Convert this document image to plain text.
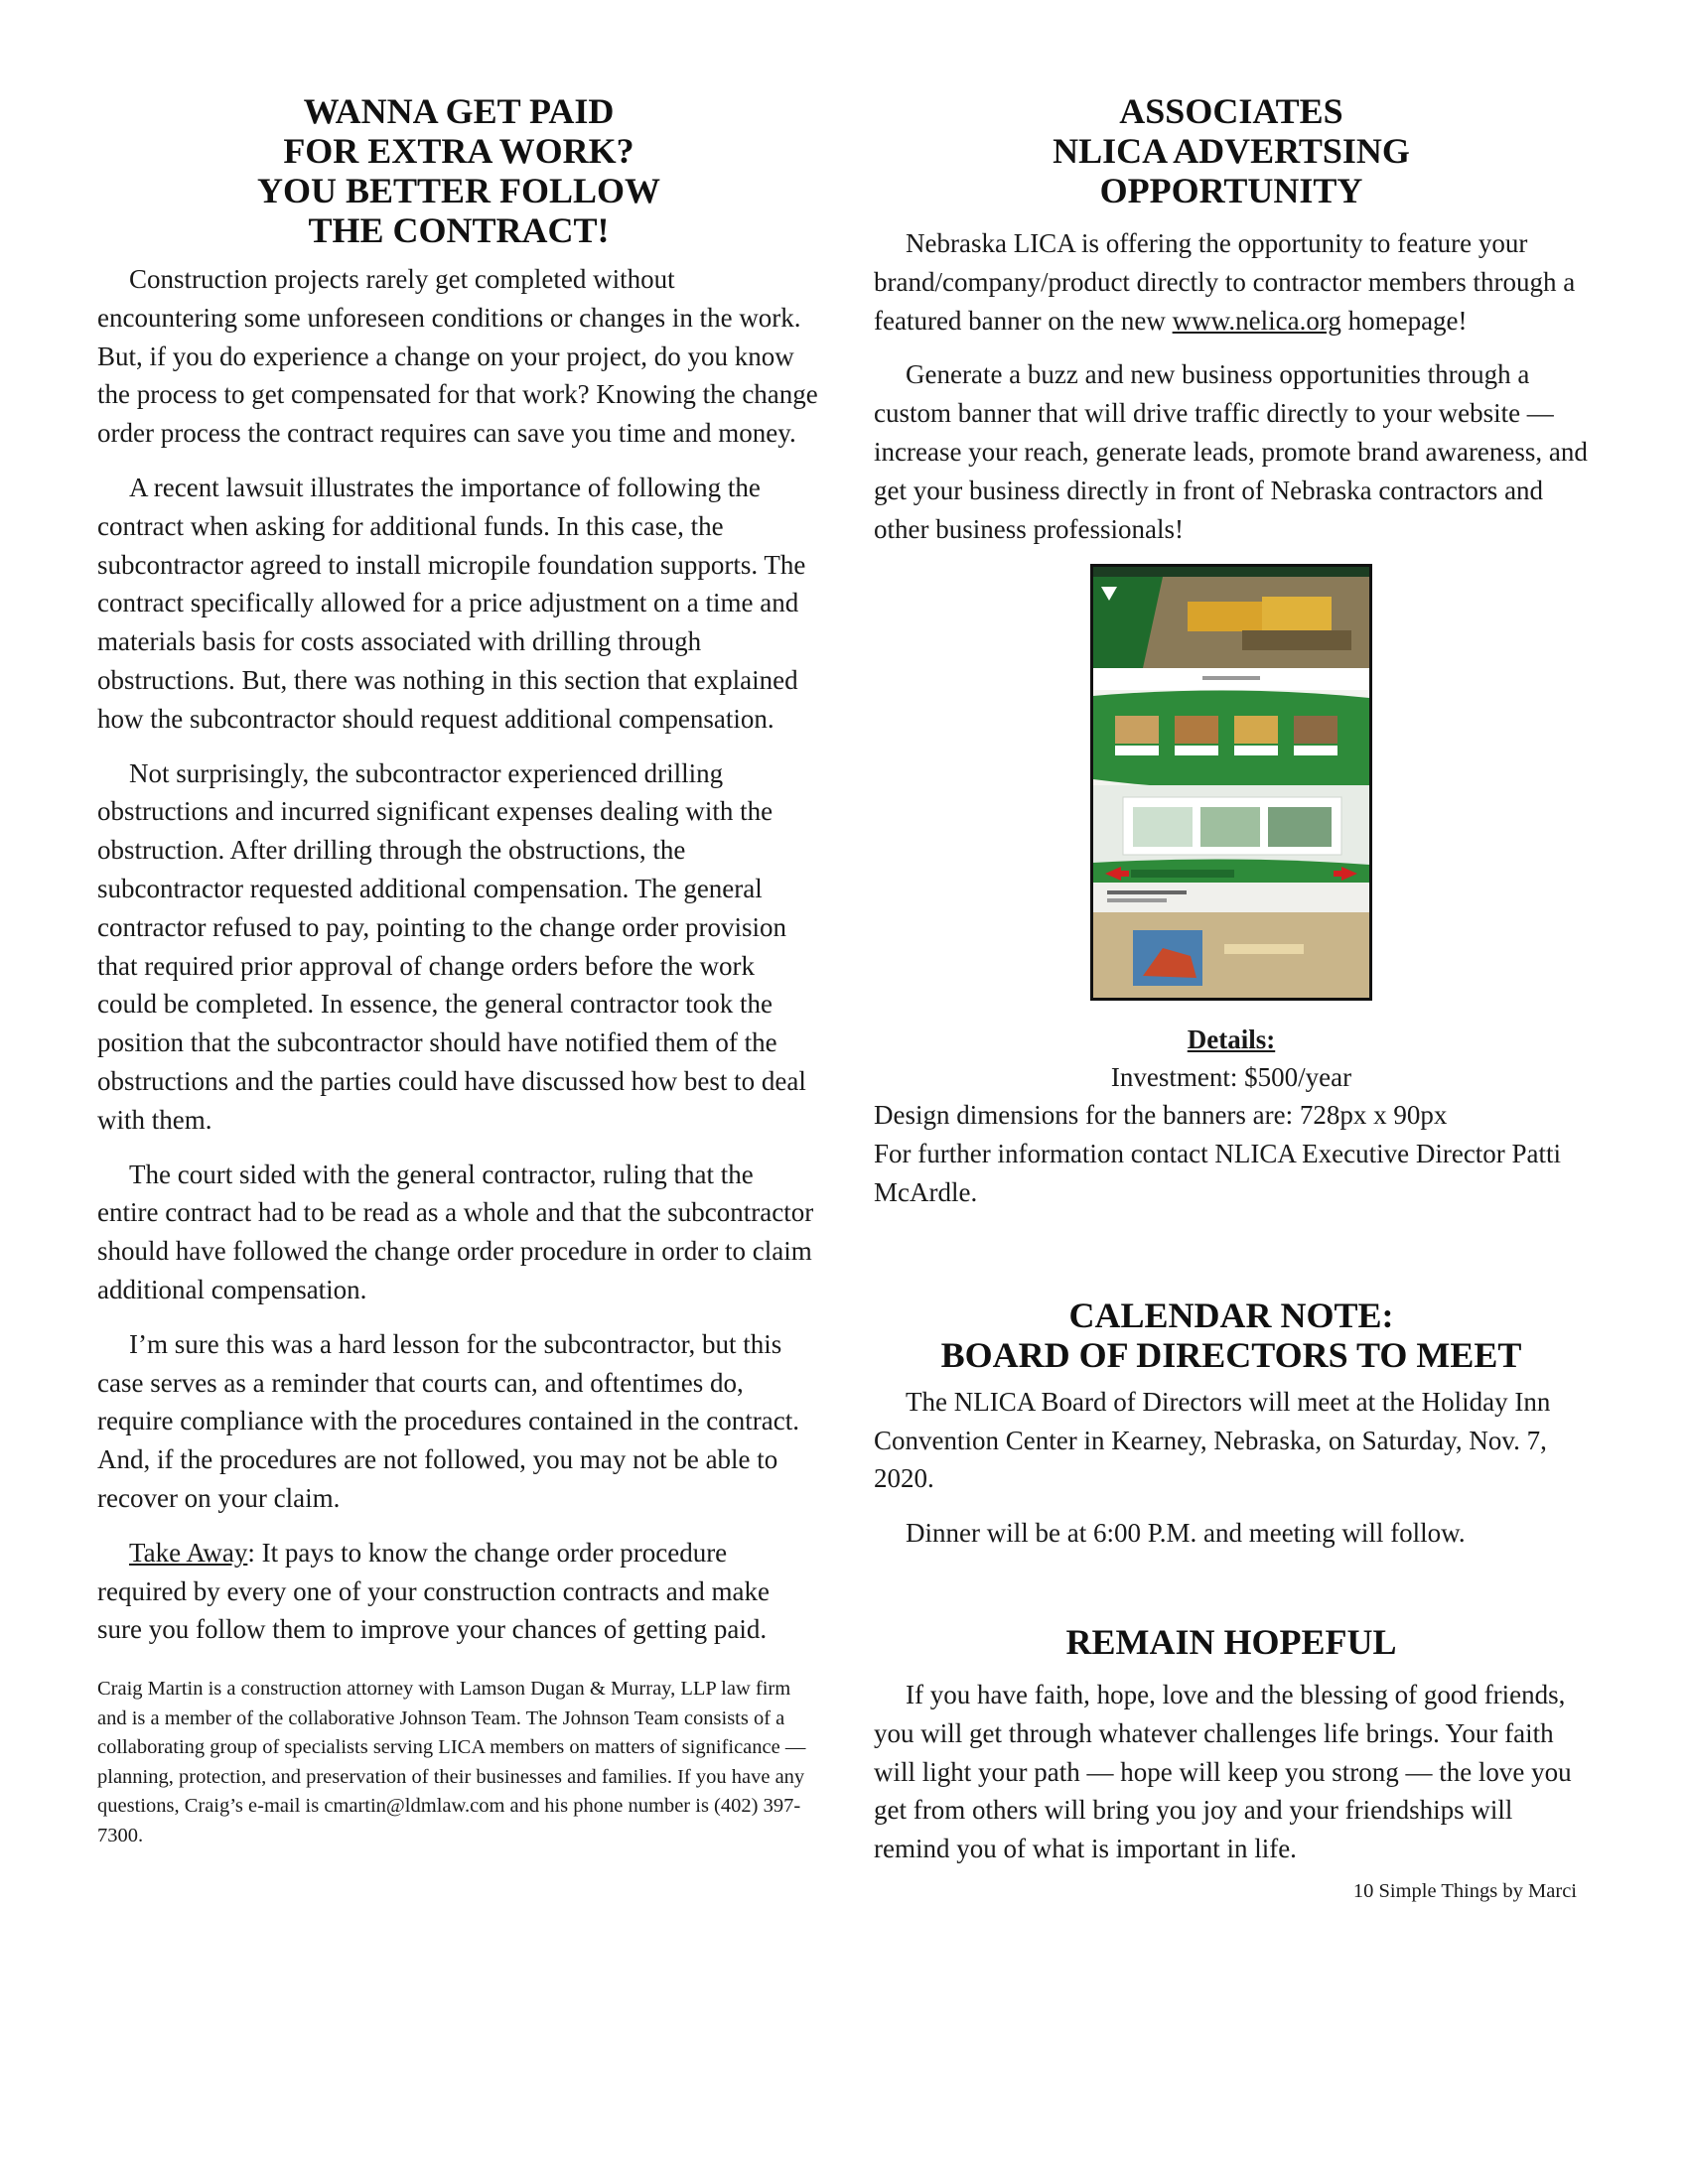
WANNA GET PAID
FOR EXTRA WORK?
YOU BETTER FOLLOW
THE CONTRACT!

Construction projects rarely get completed without encountering some unforeseen conditions or changes in the work. But, if you do experience a change on your project, do you know the process to get compensated for that work? Knowing the change order process the contract requires can save you time and money.

A recent lawsuit illustrates the importance of following the contract when asking for additional funds. In this case, the subcontractor agreed to install micropile foundation supports. The contract specifically allowed for a price adjustment on a time and materials basis for costs associated with drilling through obstructions. But, there was nothing in this section that explained how the subcontractor should request additional compensation.

Not surprisingly, the subcontractor experienced drilling obstructions and incurred significant expenses dealing with the obstruction. After drilling through the obstructions, the subcontractor requested additional compensation. The general contractor refused to pay, pointing to the change order provision that required prior approval of change orders before the work could be completed. In essence, the general contractor took the position that the subcontractor should have notified them of the obstructions and the parties could have discussed how best to deal with them.

The court sided with the general contractor, ruling that the entire contract had to be read as a whole and that the subcontractor should have followed the change order procedure in order to claim additional compensation.

I’m sure this was a hard lesson for the subcontractor, but this case serves as a reminder that courts can, and oftentimes do, require compliance with the procedures contained in the contract. And, if the procedures are not followed, you may not be able to recover on your claim.

Take Away: It pays to know the change order procedure required by every one of your construction contracts and make sure you follow them to improve your chances of getting paid.

Craig Martin is a construction attorney with Lamson Dugan & Murray, LLP law firm and is a member of the collaborative Johnson Team. The Johnson Team consists of a collaborating group of specialists serving LICA members on matters of significance — planning, protection, and preservation of their businesses and families. If you have any questions, Craig’s e-mail is cmartin@ldmlaw.com and his phone number is (402) 397-7300.

ASSOCIATES
NLICA ADVERTSING
OPPORTUNITY

Nebraska LICA is offering the opportunity to feature your brand/company/product directly to contractor members through a featured banner on the new www.nelica.org homepage!

Generate a buzz and new business opportunities through a custom banner that will drive traffic directly to your website — increase your reach, generate leads, promote brand awareness, and get your business directly in front of Nebraska contractors and other business professionals!

Details:
Investment: $500/year
Design dimensions for the banners are: 728px x 90px
For further information contact NLICA Executive Director Patti McArdle.
CALENDAR NOTE:
BOARD OF DIRECTORS TO MEET

The NLICA Board of Directors will meet at the Holiday Inn Convention Center in Kearney, Nebraska, on Saturday, Nov. 7, 2020.

Dinner will be at 6:00 P.M. and meeting will follow.

REMAIN HOPEFUL

If you have faith, hope, love and the blessing of good friends, you will get through whatever challenges life brings. Your faith will light your path — hope will keep you strong — the love you get from others will bring you joy and your friendships will remind you of what is important in life.

10 Simple Things by Marci
